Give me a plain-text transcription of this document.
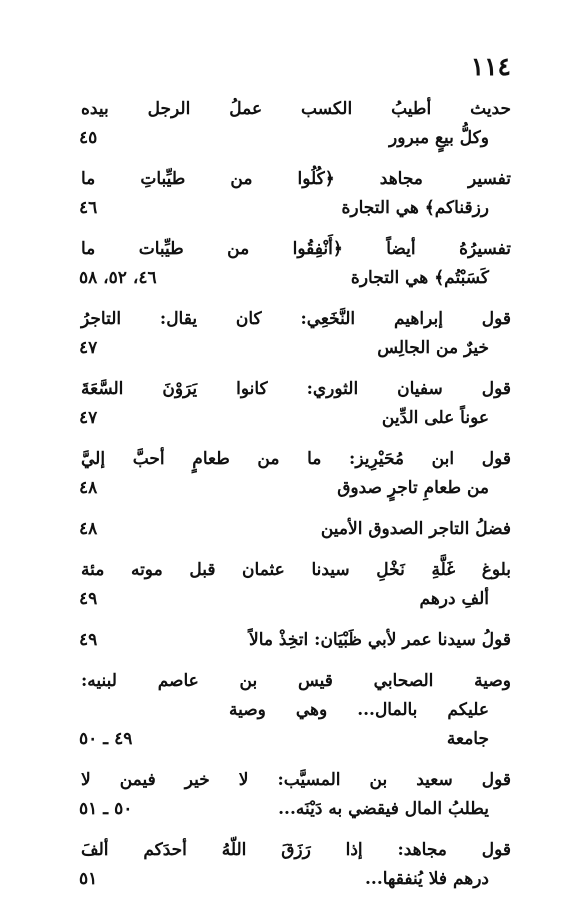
١١٤
حديث أطيبُ الكسب عملُ الرجل بيده
وكلُّ بيعٍ مبرور
٤٥
تفسير مجاهد ﴿كُلُوا من طيِّباتِ ما
رزقناكم﴾ هي التجارة
٤٦
تفسيرُهُ أيضاً ﴿أَنْفِقُوا من طيِّبات ما
كَسَبْتُم﴾ هي التجارة
٤٦، ٥٢، ٥٨
قول إبراهيم النَّخَعِي: كان يقال: التاجرُ
خيرٌ من الجالِس
٤٧
قول سفيان الثوري: كانوا يَرَوْنَ السَّعَةَ
عوناً على الدِّين
٤٧
قول ابن مُحَيْرِيز: ما من طعامٍ أحبَّ إليَّ
من طعامِ تاجرٍ صدوق
٤٨
فضلُ التاجر الصدوق الأمين
٤٨
بلوغ غَلَّةِ نَخْلِ سيدنا عثمان قبل موته مئة
ألفِ درهم
٤٩
قولُ سيدنا عمر لأبي ظَبْيَان: اتخِذْ مالاً
٤٩
وصية الصحابي قيس بن عاصم لبنيه:
عليكم بالمال... وهي وصية
جامعة
٤٩ ـ ٥٠
قول سعيد بن المسيَّب: لا خير فيمن لا
يطلبُ المال فيقضي به دَيْنَه...
٥٠ ـ ٥١
قول مجاهد: إذا رَزَقَ اللّهُ أحدَكم ألفَ
درهم فلا يُنفقها...
٥١
